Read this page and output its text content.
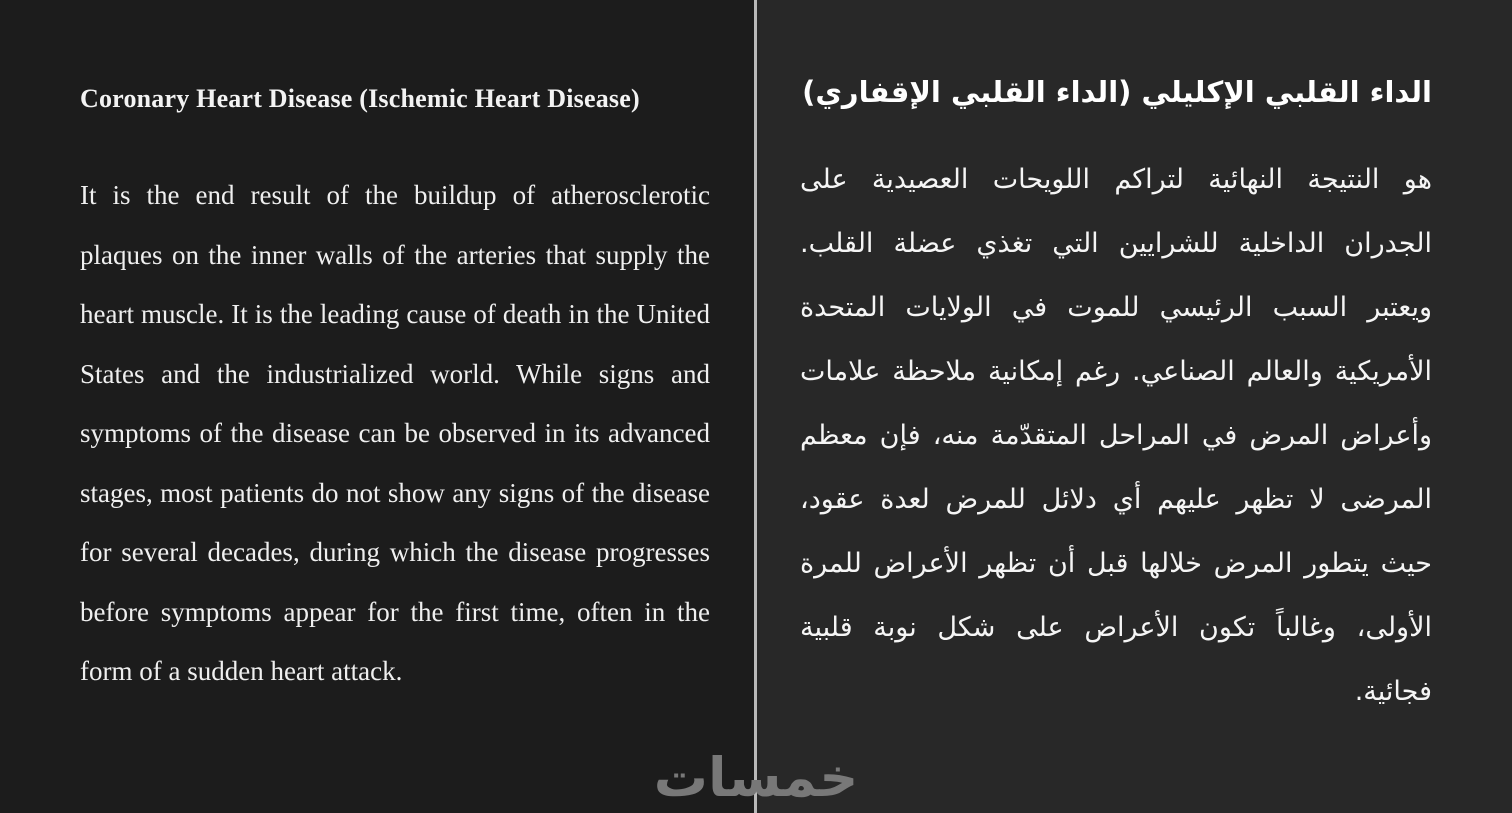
Coronary Heart Disease (Ischemic Heart Disease)
It is the end result of the buildup of atherosclerotic plaques on the inner walls of the arteries that supply the heart muscle. It is the leading cause of death in the United States and the industrialized world. While signs and symptoms of the disease can be observed in its advanced stages, most patients do not show any signs of the disease for several decades, during which the disease progresses before symptoms appear for the first time, often in the form of a sudden heart attack.
الداء القلبي الإكليلي (الداء القلبي الإقفاري)
هو النتيجة النهائية لتراكم اللويحات العصيدية على الجدران الداخلية للشرايين التي تغذي عضلة القلب. ويعتبر السبب الرئيسي للموت في الولايات المتحدة الأمريكية والعالم الصناعي. رغم إمكانية ملاحظة علامات وأعراض المرض في المراحل المتقدّمة منه، فإن معظم المرضى لا تظهر عليهم أي دلائل للمرض لعدة عقود، حيث يتطور المرض خلالها قبل أن تظهر الأعراض للمرة الأولى، وغالباً تكون الأعراض على شكل نوبة قلبية فجائية.
خمسات
